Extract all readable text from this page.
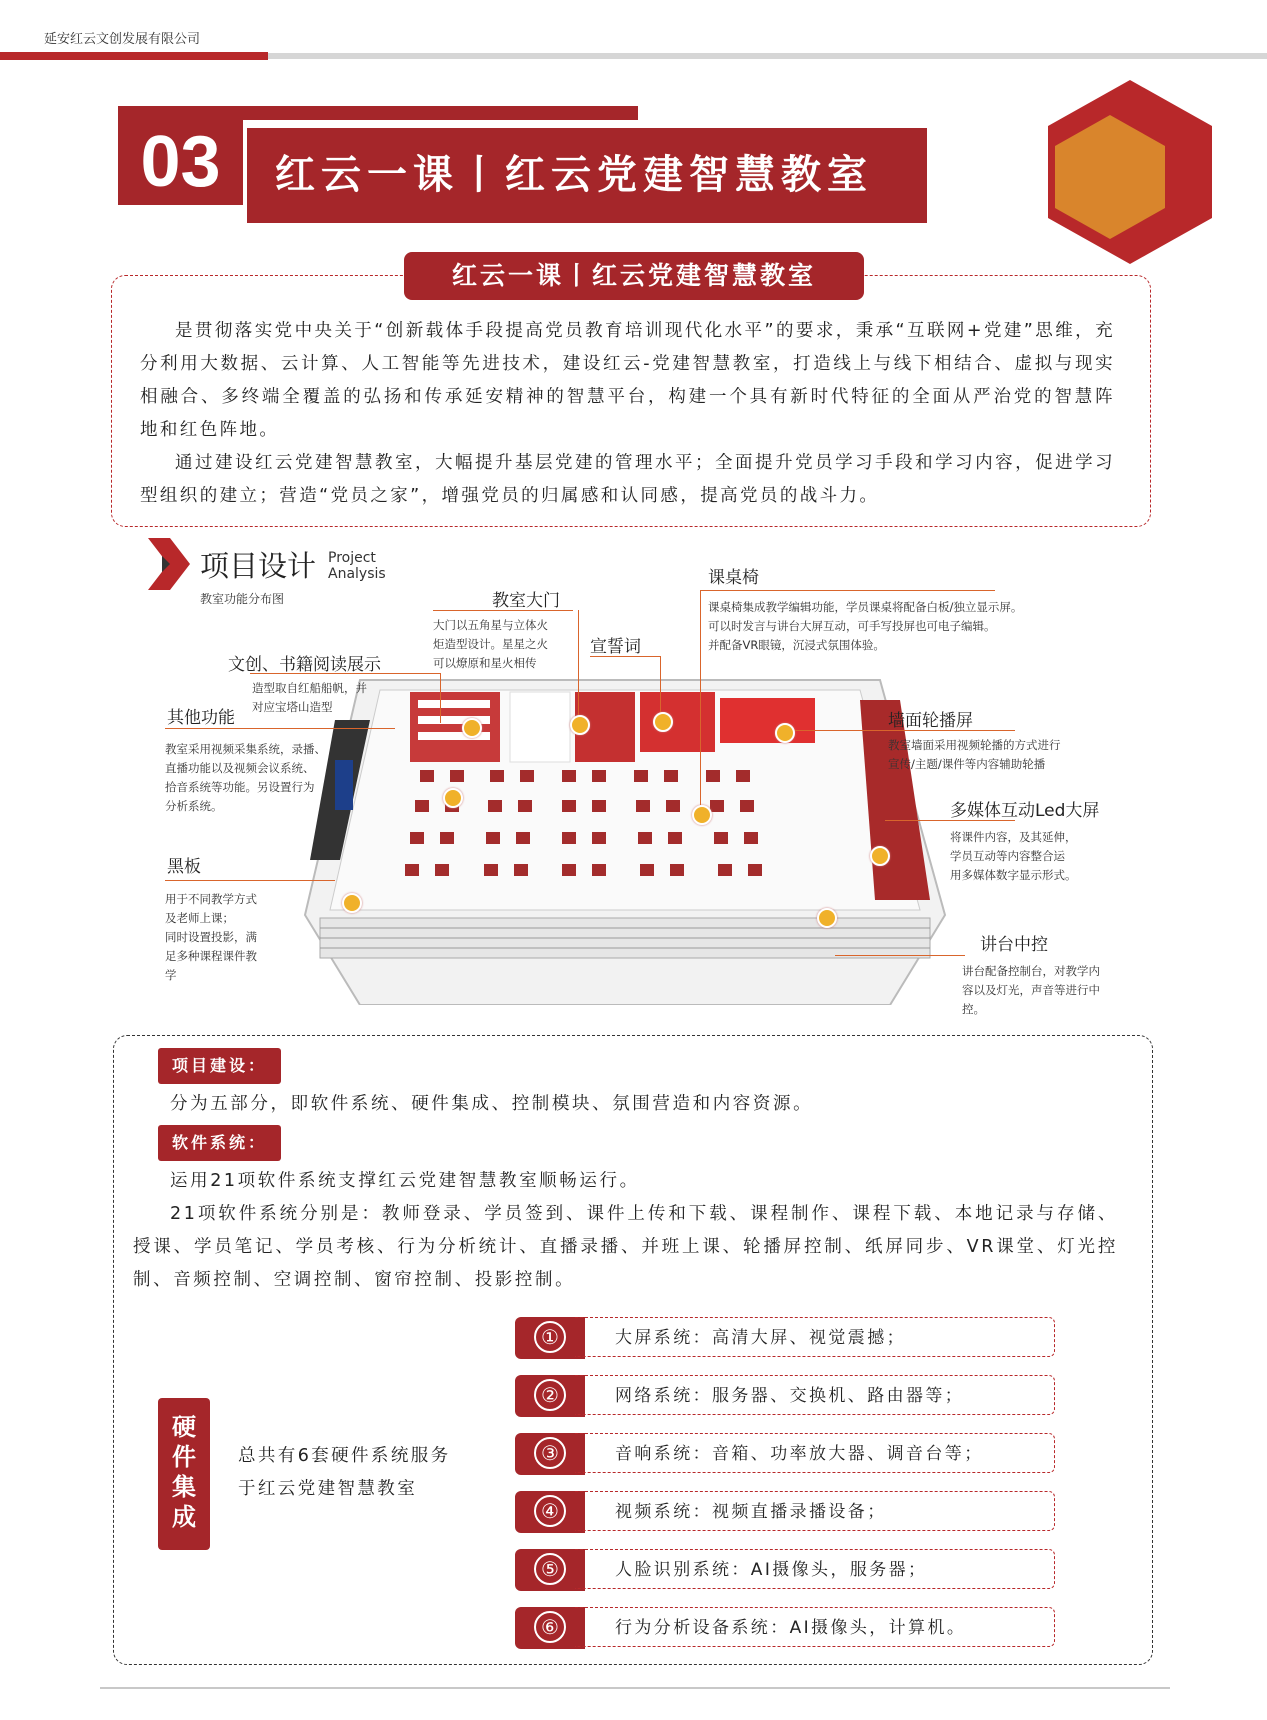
延安红云文创发展有限公司
03	红云一课丨红云党建智慧教室
红云一课丨红云党建智慧教室

是贯彻落实党中央关于“创新载体手段提高党员教育培训现代化水平”的要求，秉承“互联网+党建”思维，充分利用大数据、云计算、人工智能等先进技术，建设红云-党建智慧教室，打造线上与线下相结合、虚拟与现实相融合、多终端全覆盖的弘扬和传承延安精神的智慧平台，构建一个具有新时代特征的全面从严治党的智慧阵地和红色阵地。

通过建设红云党建智慧教室，大幅提升基层党建的管理水平；全面提升党员学习手段和学习内容，促进学习型组织的建立；营造“党员之家”，增强党员的归属感和认同感，提高党员的战斗力。

项目设计 Project
Analysis
教室功能分布图	教室大门
大门以五角星与立体火
炬造型设计。星星之火
可以燎原和星火相传
宣誓词
课桌椅
课桌椅集成教学编辑功能，学员课桌将配备白板/独立显示屏。
可以时发言与讲台大屏互动，可手写投屏也可电子编辑。
并配备VR眼镜，沉浸式氛围体验。
文创、书籍阅读展示
造型取自红船船帆，并
对应宝塔山造型
其他功能
教室采用视频采集系统，录播、
直播功能以及视频会议系统、
拾音系统等功能。另设置行为
分析系统。
墙面轮播屏
教室墙面采用视频轮播的方式进行
宣传/主题/课件等内容辅助轮播
多媒体互动Led大屏
将课件内容，及其延伸，
学员互动等内容整合运
用多媒体数字显示形式。
黑板
用于不同教学方式
及老师上课；
同时设置投影，满
足多种课程课件教
学
讲台中控
讲台配备控制台，对教学内
容以及灯光，声音等进行中
控。
项目建设：
分为五部分，即软件系统、硬件集成、控制模块、氛围营造和内容资源。
软件系统：
运用21项软件系统支撑红云党建智慧教室顺畅运行。
21项软件系统分别是：教师登录、学员签到、课件上传和下载、课程制作、课程下载、本地记录与存储、授课、学员笔记、学员考核、行为分析统计、直播录播、并班上课、轮播屏控制、纸屏同步、VR课堂、灯光控制、音频控制、空调控制、窗帘控制、投影控制。
硬件集成
总共有6套硬件系统服务
于红云党建智慧教室
①	大屏系统：高清大屏、视觉震撼；
②	网络系统：服务器、交换机、路由器等；
③	音响系统：音箱、功率放大器、调音台等；
④	视频系统：视频直播录播设备；
⑤	人脸识别系统：AI摄像头，服务器；
⑥	行为分析设备系统：AI摄像头，计算机。
